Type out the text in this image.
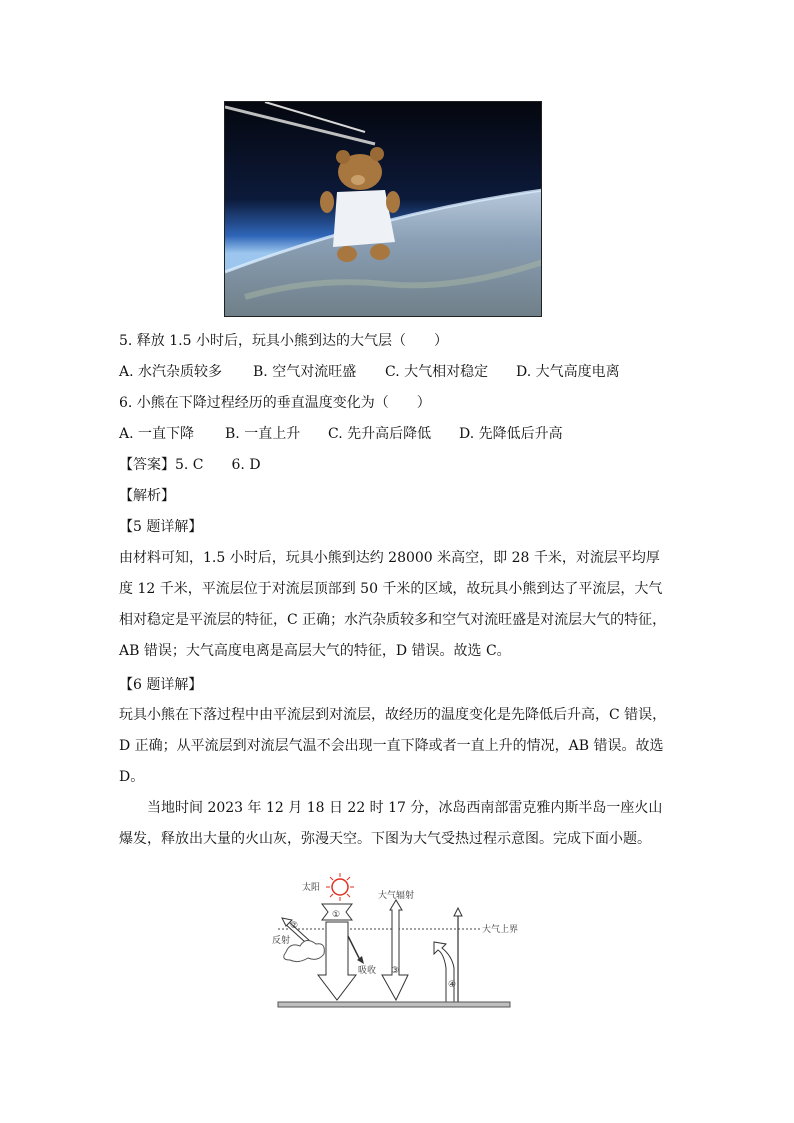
5. 释放 1.5 小时后，玩具小熊到达的大气层（　　）
A. 水汽杂质较多 B. 空气对流旺盛 C. 大气相对稳定 D. 大气高度电离
6. 小熊在下降过程经历的垂直温度变化为（　　）
A. 一直下降 B. 一直上升 C. 先升高后降低 D. 先降低后升高
【答案】5. C　　6. D
【解析】
【5 题详解】
由材料可知，1.5 小时后，玩具小熊到达约 28000 米高空，即 28 千米，对流层平均厚度 12 千米，平流层位于对流层顶部到 50 千米的区域，故玩具小熊到达了平流层，大气相对稳定是平流层的特征，C 正确；水汽杂质较多和空气对流旺盛是对流层大气的特征，AB 错误；大气高度电离是高层大气的特征，D 错误。故选 C。
【6 题详解】
玩具小熊在下落过程中由平流层到对流层，故经历的温度变化是先降低后升高，C 错误，D 正确；从平流层到对流层气温不会出现一直下降或者一直上升的情况，AB 错误。故选 D。
当地时间 2023 年 12 月 18 日 22 时 17 分，冰岛西南部雷克雅内斯半岛一座火山爆发，释放出大量的火山灰，弥漫天空。下图为大气受热过程示意图。完成下面小题。
太阳
大气上界
①
②
反射
吸收
大气辐射
③
④
